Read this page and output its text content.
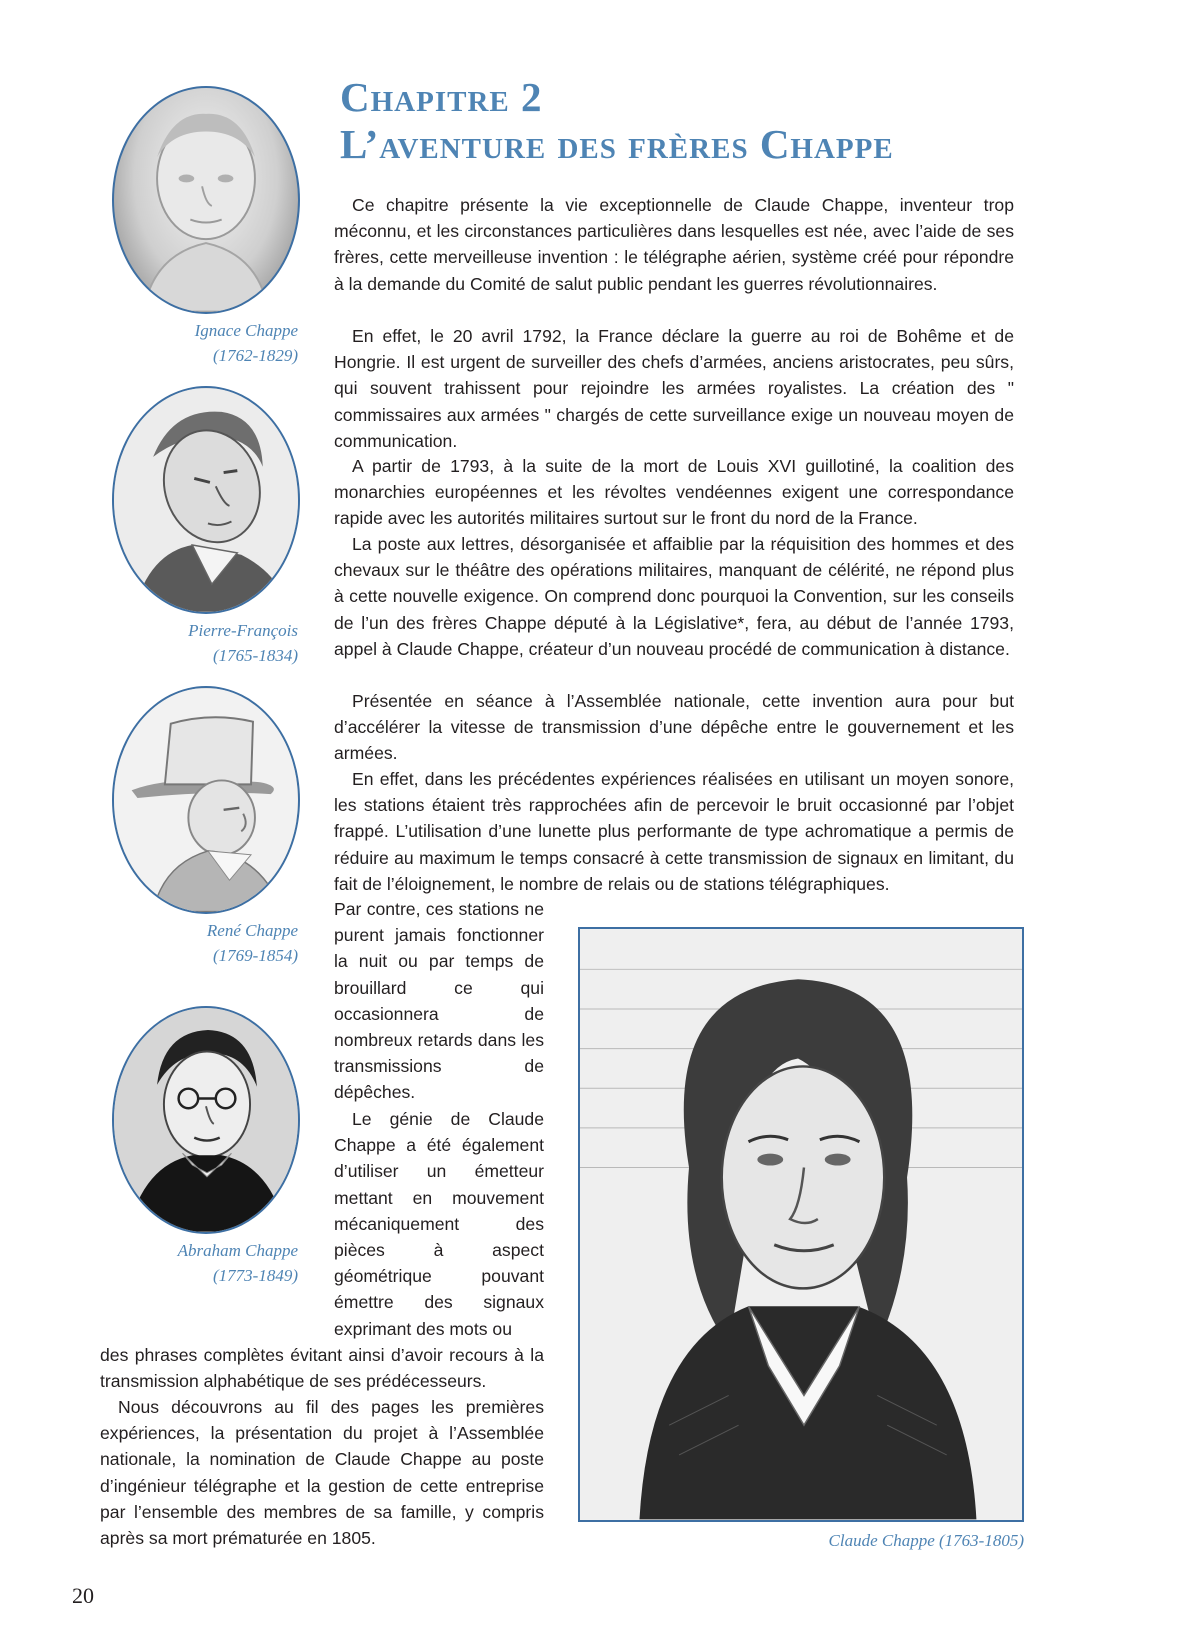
Chapitre 2
L’aventure des frères Chappe

Ce chapitre présente la vie exceptionnelle de Claude Chappe, inventeur trop méconnu, et les circonstances particulières dans lesquelles est née, avec l’aide de ses frères, cette merveilleuse invention : le télégraphe aérien, système créé pour répondre à la demande du Comité de salut public pendant les guerres révolutionnaires.

En effet, le 20 avril 1792, la France déclare la guerre au roi de Bohême et de Hongrie. Il est urgent de surveiller des chefs d’armées, anciens aristocrates, peu sûrs, qui souvent trahissent pour rejoindre les armées royalistes. La création des " commissaires aux armées " chargés de cette surveillance exige un nouveau moyen de communication.

A partir de 1793, à la suite de la mort de Louis XVI guillotiné, la coalition des monarchies européennes et les révoltes vendéennes exigent une correspondance rapide avec les autorités militaires surtout sur le front du nord de la France.

La poste aux lettres, désorganisée et affaiblie par la réquisition des hommes et des chevaux sur le théâtre des opérations militaires, manquant de célérité, ne répond plus à cette nouvelle exigence. On comprend donc pourquoi la Convention, sur les conseils de l’un des frères Chappe député à la Législative*, fera, au début de l’année 1793, appel à Claude Chappe, créateur d’un nouveau procédé de communication à distance.

Présentée en séance à l’Assemblée nationale, cette invention aura pour but d’accélérer la vitesse de transmission d’une dépêche entre le gouvernement et les armées.

En effet, dans les précédentes expériences réalisées en utilisant un moyen sonore, les stations étaient très rapprochées afin de percevoir le bruit occasionné par l’objet frappé. L’utilisation d’une lunette plus performante de type achromatique a permis de réduire au maximum le temps consacré à cette transmission de signaux en limitant, du fait de l’éloignement, le nombre de relais ou de stations télégraphiques.

Par contre, ces stations ne purent jamais fonctionner la nuit ou par temps de brouillard ce qui occasionnera de nombreux retards dans les transmissions de dépêches.

Le génie de Claude Chappe a été également d’utiliser un émetteur mettant en mouvement mécaniquement des pièces à aspect géométrique pouvant émettre des signaux exprimant des mots ou

des phrases complètes évitant ainsi d’avoir recours à la transmission alphabétique de ses prédécesseurs.

Nous découvrons au fil des pages les premières expériences, la présentation du projet à l’Assemblée nationale, la nomination de Claude Chappe au poste d’ingénieur télégraphe et la gestion de cette entreprise par l’ensemble des membres de sa famille, y compris après sa mort prématurée en 1805.

Ignace Chappe
(1762-1829)

Pierre-François
(1765-1834)

René Chappe
(1769-1854)

Abraham Chappe
(1773-1849)

Claude Chappe (1763-1805)

20
